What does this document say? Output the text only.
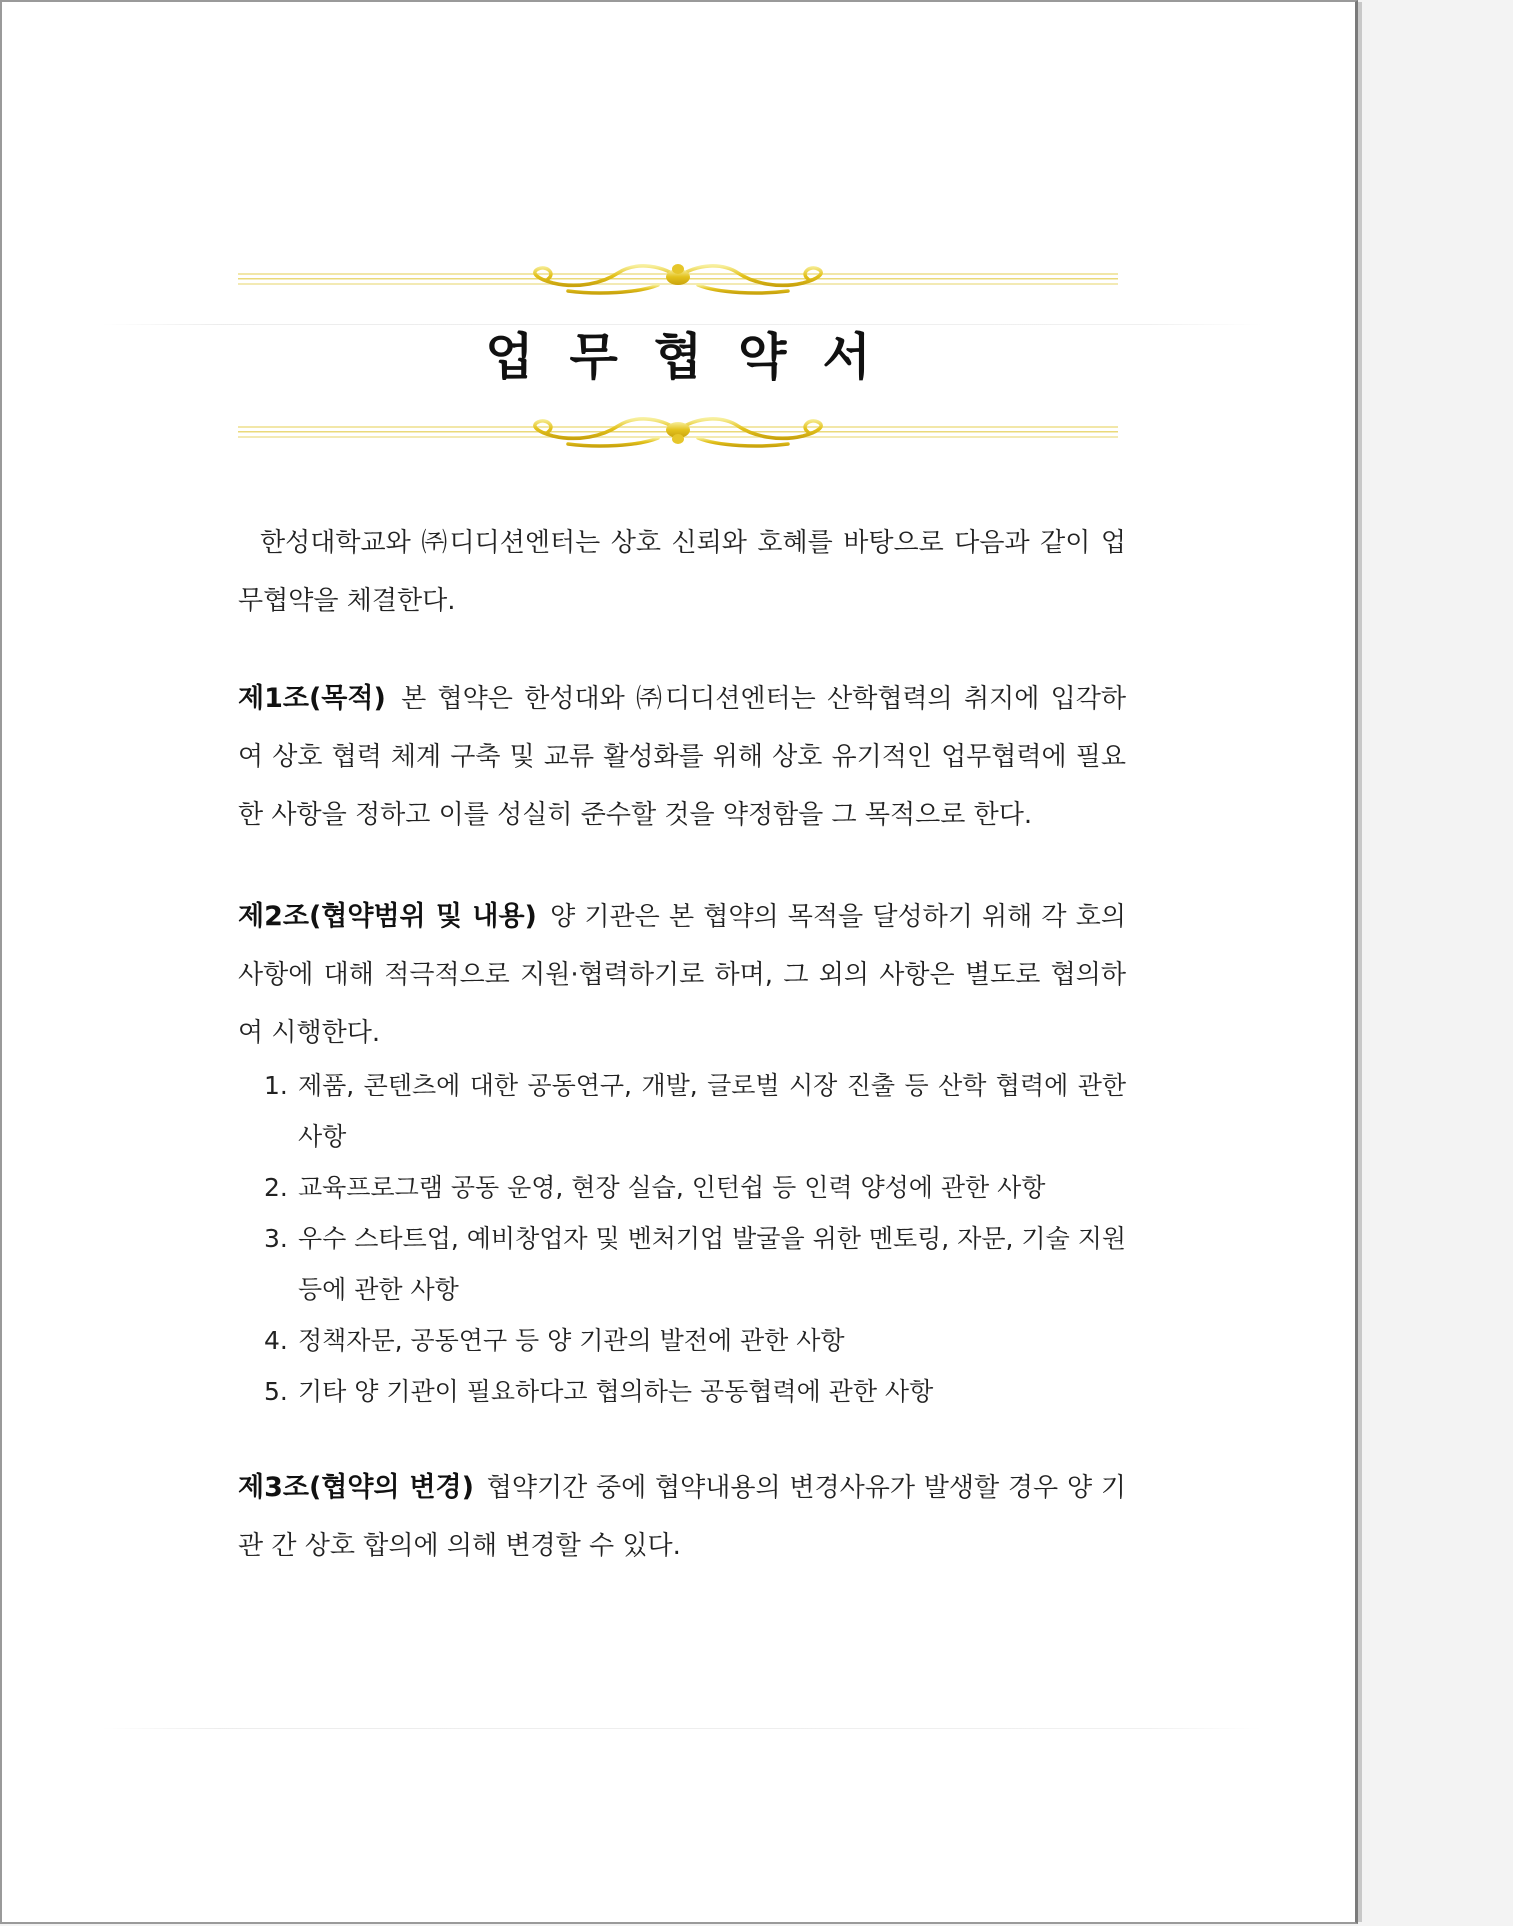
업무협약서

한성대학교와 ㈜디디션엔터는 상호 신뢰와 호혜를 바탕으로 다음과 같이 업무협약을 체결한다.

제1조(목적) 본 협약은 한성대와 ㈜디디션엔터는 산학협력의 취지에 입각하여 상호 협력 체계 구축 및 교류 활성화를 위해 상호 유기적인 업무협력에 필요한 사항을 정하고 이를 성실히 준수할 것을 약정함을 그 목적으로 한다.

제2조(협약범위 및 내용) 양 기관은 본 협약의 목적을 달성하기 위해 각 호의 사항에 대해 적극적으로 지원·협력하기로 하며, 그 외의 사항은 별도로 협의하여 시행한다.

1. 제품, 콘텐츠에 대한 공동연구, 개발, 글로벌 시장 진출 등 산학 협력에 관한 사항
2. 교육프로그램 공동 운영, 현장 실습, 인턴쉽 등 인력 양성에 관한 사항
3. 우수 스타트업, 예비창업자 및 벤처기업 발굴을 위한 멘토링, 자문, 기술 지원 등에 관한 사항
4. 정책자문, 공동연구 등 양 기관의 발전에 관한 사항
5. 기타 양 기관이 필요하다고 협의하는 공동협력에 관한 사항

제3조(협약의 변경) 협약기간 중에 협약내용의 변경사유가 발생할 경우 양 기관 간 상호 합의에 의해 변경할 수 있다.
